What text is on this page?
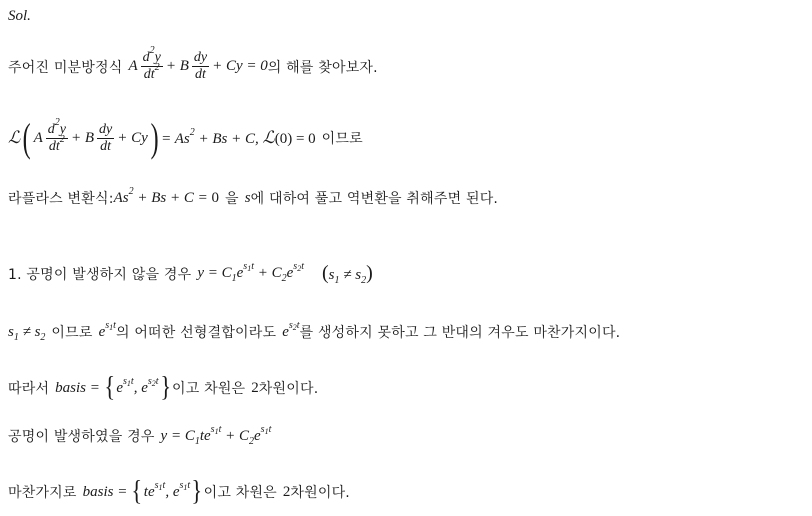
Sol.
주어진 미분방정식 A $\frac{d^2y}{dt^2} + B \frac{dy}{dt} + Cy = 0$ 의 해를 찾아보자.
ℒ ( A $\frac{d^2y}{dt^2} + B \frac{dy}{dt} + Cy$ ) = $As^2 + Bs + C$, ℒ(0) = 0 이므로
라플라스 변환식: $As^2 + Bs + C = 0$ 을 s 에 대하여 풀고 역변환을 취해주면 된다.
1. 공명이 발생하지 않을 경우 $y = C_1e^{s_1t} + C_2e^{s_2t}$ $(s_1 \ne s_2)$
$s_1 \ne s_2$ 이므로 $e^{s_1t}$ 의 어떠한 선형결합이라도 $e^{s_2t}$ 를 생성하지 못하고 그 반대의 겨우도 마찬가지이다.
따라서 basis = { $e^{s_1t}$, $e^{s_2t}$ } 이고 차원은 2 차원이다.
공명이 발생하였을 경우 $y = C_1te^{s_1t} + C_2e^{s_1t}$
마찬가지로 basis = { $te^{s_1t}$, $e^{s_1t}$ } 이고 차원은 2 차원이다.
